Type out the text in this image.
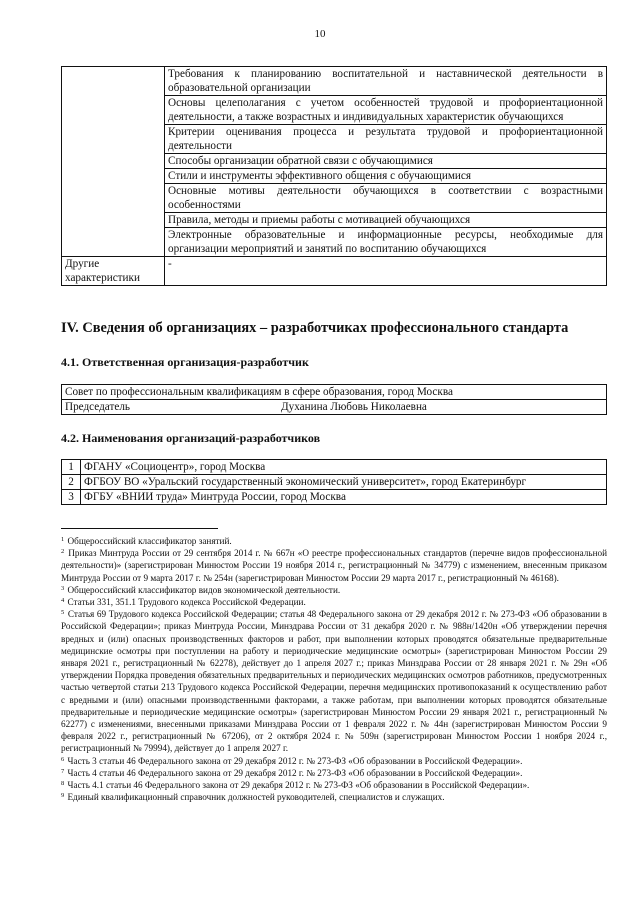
10
	Требования к планированию воспитательной и наставнической деятельности в образовательной организации
	Основы целеполагания с учетом особенностей трудовой и профориентационной деятельности, а также возрастных и индивидуальных характеристик обучающихся
	Критерии оценивания процесса и результата трудовой и профориентационной деятельности
	Способы организации обратной связи с обучающимися
	Стили и инструменты эффективного общения с обучающимися
	Основные мотивы деятельности обучающихся в соответствии с возрастными особенностями
	Правила, методы и приемы работы с мотивацией обучающихся
	Электронные образовательные и информационные ресурсы, необходимые для организации мероприятий и занятий по воспитанию обучающихся
Другие характеристики	-
IV. Сведения об организациях – разработчиках профессионального стандарта
4.1. Ответственная организация-разработчик
Совет по профессиональным квалификациям в сфере образования, город Москва
Председатель	Духанина Любовь Николаевна
4.2. Наименования организаций-разработчиков
1	ФГАНУ «Социоцентр», город Москва
2	ФГБОУ ВО «Уральский государственный экономический университет», город Екатеринбург
3	ФГБУ «ВНИИ труда» Минтруда России, город Москва

$^1$ Общероссийский классификатор занятий.

$^2$ Приказ Минтруда России от 29 сентября 2014 г. № 667н «О реестре профессиональных стандартов (перечне видов профессиональной деятельности)» (зарегистрирован Минюстом России 19 ноября 2014 г., регистрационный № 34779) с изменением, внесенным приказом Минтруда России от 9 марта 2017 г. № 254н (зарегистрирован Минюстом России 29 марта 2017 г., регистрационный № 46168).

$^3$ Общероссийский классификатор видов экономической деятельности.

$^4$ Статьи 331, 351.1 Трудового кодекса Российской Федерации.

$^5$ Статья 69 Трудового кодекса Российской Федерации; статья 48 Федерального закона от 29 декабря 2012 г. № 273-ФЗ «Об образовании в Российской Федерации»; приказ Минтруда России, Минздрава России от 31 декабря 2020 г. № 988н/1420н «Об утверждении перечня вредных и (или) опасных производственных факторов и работ, при выполнении которых проводятся обязательные предварительные медицинские осмотры при поступлении на работу и периодические медицинские осмотры» (зарегистрирован Минюстом России 29 января 2021 г., регистрационный № 62278), действует до 1 апреля 2027 г.; приказ Минздрава России от 28 января 2021 г. № 29н «Об утверждении Порядка проведения обязательных предварительных и периодических медицинских осмотров работников, предусмотренных частью четвертой статьи 213 Трудового кодекса Российской Федерации, перечня медицинских противопоказаний к осуществлению работ с вредными и (или) опасными производственными факторами, а также работам, при выполнении которых проводятся обязательные предварительные и периодические медицинские осмотры» (зарегистрирован Минюстом России 29 января 2021 г., регистрационный № 62277) с изменениями, внесенными приказами Минздрава России от 1 февраля 2022 г. № 44н (зарегистрирован Минюстом России 9 февраля 2022 г., регистрационный № 67206), от 2 октября 2024 г. № 509н (зарегистрирован Минюстом России 1 ноября 2024 г., регистрационный № 79994), действует до 1 апреля 2027 г.

$^6$ Часть 3 статьи 46 Федерального закона от 29 декабря 2012 г. № 273-ФЗ «Об образовании в Российской Федерации».

$^7$ Часть 4 статьи 46 Федерального закона от 29 декабря 2012 г. № 273-ФЗ «Об образовании в Российской Федерации».

$^8$ Часть 4.1 статьи 46 Федерального закона от 29 декабря 2012 г. № 273-ФЗ «Об образовании в Российской Федерации».

$^9$ Единый квалификационный справочник должностей руководителей, специалистов и служащих.
